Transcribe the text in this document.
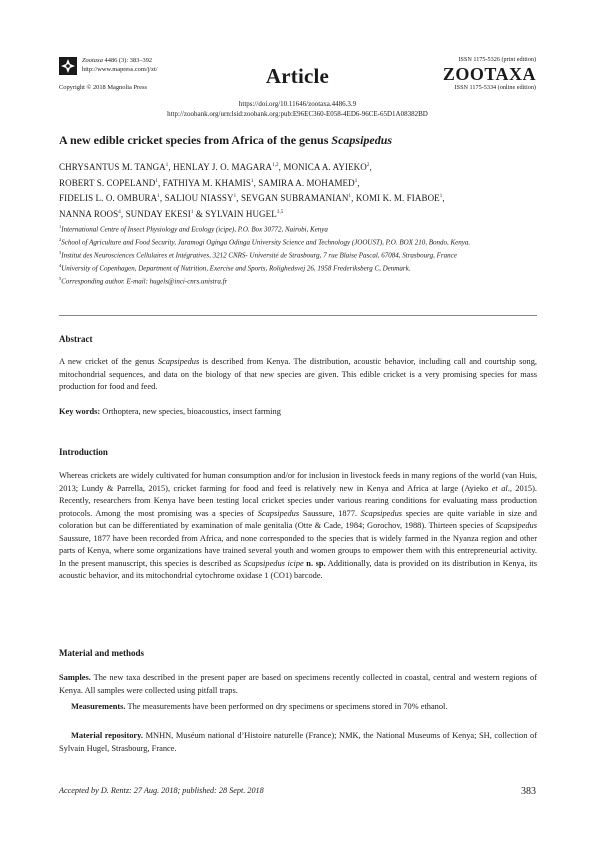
Zootaxa 4486 (3): 383–392
http://www.mapress.com/j/zt/
Copyright © 2018 Magnolia Press	Article
ISSN 1175-5326 (print edition)
ZOOTAXA
ISSN 1175-5334 (online edition)
https://doi.org/10.11646/zootaxa.4486.3.9
http://zoobank.org/urn:lsid:zoobank.org:pub:E96EC360-E058-4ED6-96CE-65D1A08382BD
A new edible cricket species from Africa of the genus Scapsipedus
CHRYSANTUS M. TANGA$^1$, HENLAY J. O. MAGARA$^{1,2}$, MONICA A. AYIEKO$^2$,
ROBERT S. COPELAND$^1$, FATHIYA M. KHAMIS$^1$, SAMIRA A. MOHAMED$^1$,
FIDELIS L. O. OMBURA$^1$, SALIOU NIASSY$^1$, SEVGAN SUBRAMANIAN$^1$, KOMI K. M. FIABOE$^1$,
NANNA ROOS$^4$, SUNDAY EKESI$^1$ & SYLVAIN HUGEL$^{3,5}$
$^1$International Centre of Insect Physiology and Ecology (icipe), P.O. Box 30772, Nairobi, Kenya
$^2$School of Agriculture and Food Security, Jaramogi Oginga Odinga University Science and Technology (JOOUST), P.O. BOX 210, Bondo, Kenya.
$^3$Institut des Neurosciences Cellulaires et Intégratives, 3212 CNRS- Université de Strasbourg, 7 rue Blaise Pascal, 67084, Strasbourg, France
$^4$University of Copenhagen, Department of Nutrition, Exercise and Sports, Rolighedsvej 26, 1958 Frederiksberg C, Denmark.
$^5$Corresponding author. E-mail: hugels@inci-cnrs.unistra.fr
Abstract
A new cricket of the genus Scapsipedus is described from Kenya. The distribution, acoustic behavior, including call and courtship song, mitochondrial sequences, and data on the biology of that new species are given. This edible cricket is a very promising species for mass production for food and feed.
Key words: Orthoptera, new species, bioacoustics, insect farming
Introduction
Whereas crickets are widely cultivated for human consumption and/or for inclusion in livestock feeds in many regions of the world (van Huis, 2013; Lundy & Parrella, 2015), cricket farming for food and feed is relatively new in Kenya and Africa at large (Ayieko et al., 2015). Recently, researchers from Kenya have been testing local cricket species under various rearing conditions for evaluating mass production protocols. Among the most promising was a species of Scapsipedus Saussure, 1877. Scapsipedus species are quite variable in size and coloration but can be differentiated by examination of male genitalia (Otte & Cade, 1984; Gorochov, 1988). Thirteen species of Scapsipedus Saussure, 1877 have been recorded from Africa, and none corresponded to the species that is widely farmed in the Nyanza region and other parts of Kenya, where some organizations have trained several youth and women groups to empower them with this entrepreneurial activity. In the present manuscript, this species is described as Scapsipedus icipe n. sp. Additionally, data is provided on its distribution in Kenya, its acoustic behavior, and its mitochondrial cytochrome oxidase 1 (CO1) barcode.
Material and methods
Samples. The new taxa described in the present paper are based on specimens recently collected in coastal, central and western regions of Kenya. All samples were collected using pitfall traps.
Measurements. The measurements have been performed on dry specimens or specimens stored in 70% ethanol.
Material repository. MNHN, Muséum national d’Histoire naturelle (France); NMK, the National Museums of Kenya; SH, collection of Sylvain Hugel, Strasbourg, France.
Accepted by D. Rentz: 27 Aug. 2018; published: 28 Sept. 2018	383
